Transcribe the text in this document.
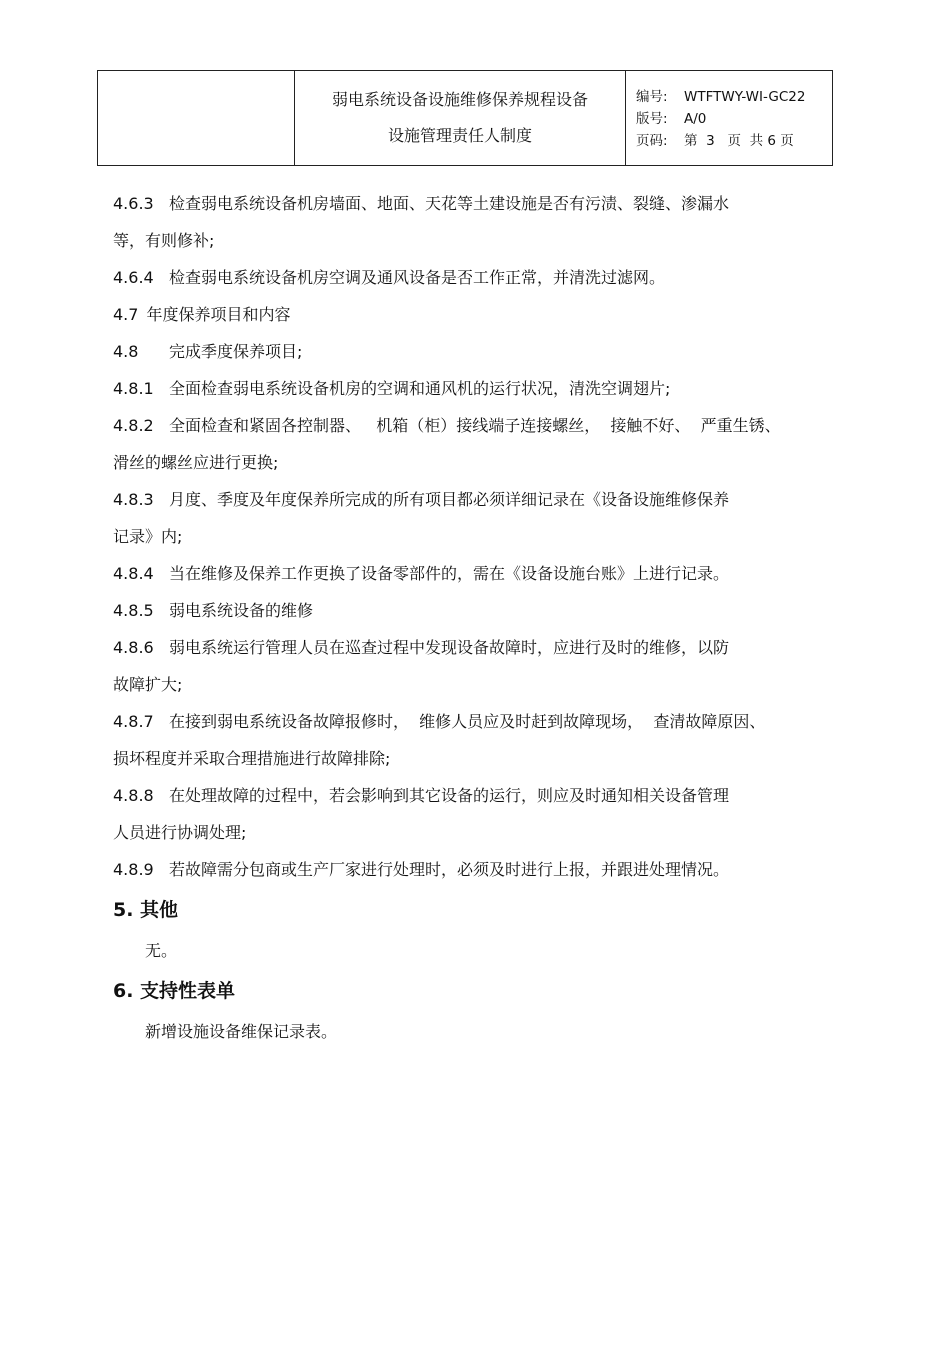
弱电系统设备设施维修保养规程设备
设施管理责任人制度
编号: WTFTWY-WI-GC22
版号: A/0
页码: 第  3   页  共 6 页

4.6.3 检查弱电系统设备机房墙面、地面、天花等土建设施是否有污渍、裂缝、渗漏水

等，有则修补;

4.6.4 检查弱电系统设备机房空调及通风设备是否工作正常，并清洗过滤网。

4.7 年度保养项目和内容

4.8 完成季度保养项目;

4.8.1 全面检查弱电系统设备机房的空调和通风机的运行状况，清洗空调翅片;

4.8.2 全面检查和紧固各控制器、   机箱（柜）接线端子连接螺丝，  接触不好、  严重生锈、

滑丝的螺丝应进行更换;

4.8.3 月度、季度及年度保养所完成的所有项目都必须详细记录在《设备设施维修保养

记录》内;

4.8.4 当在维修及保养工作更换了设备零部件的，需在《设备设施台账》上进行记录。

4.8.5 弱电系统设备的维修

4.8.6 弱电系统运行管理人员在巡查过程中发现设备故障时，应进行及时的维修，以防

故障扩大;

4.8.7 在接到弱电系统设备故障报修时，  维修人员应及时赶到故障现场，  查清故障原因、

损坏程度并采取合理措施进行故障排除;

4.8.8 在处理故障的过程中，若会影响到其它设备的运行，则应及时通知相关设备管理

人员进行协调处理;

4.8.9 若故障需分包商或生产厂家进行处理时，必须及时进行上报，并跟进处理情况。

5. 其他

无。

6. 支持性表单

新增设施设备维保记录表。
